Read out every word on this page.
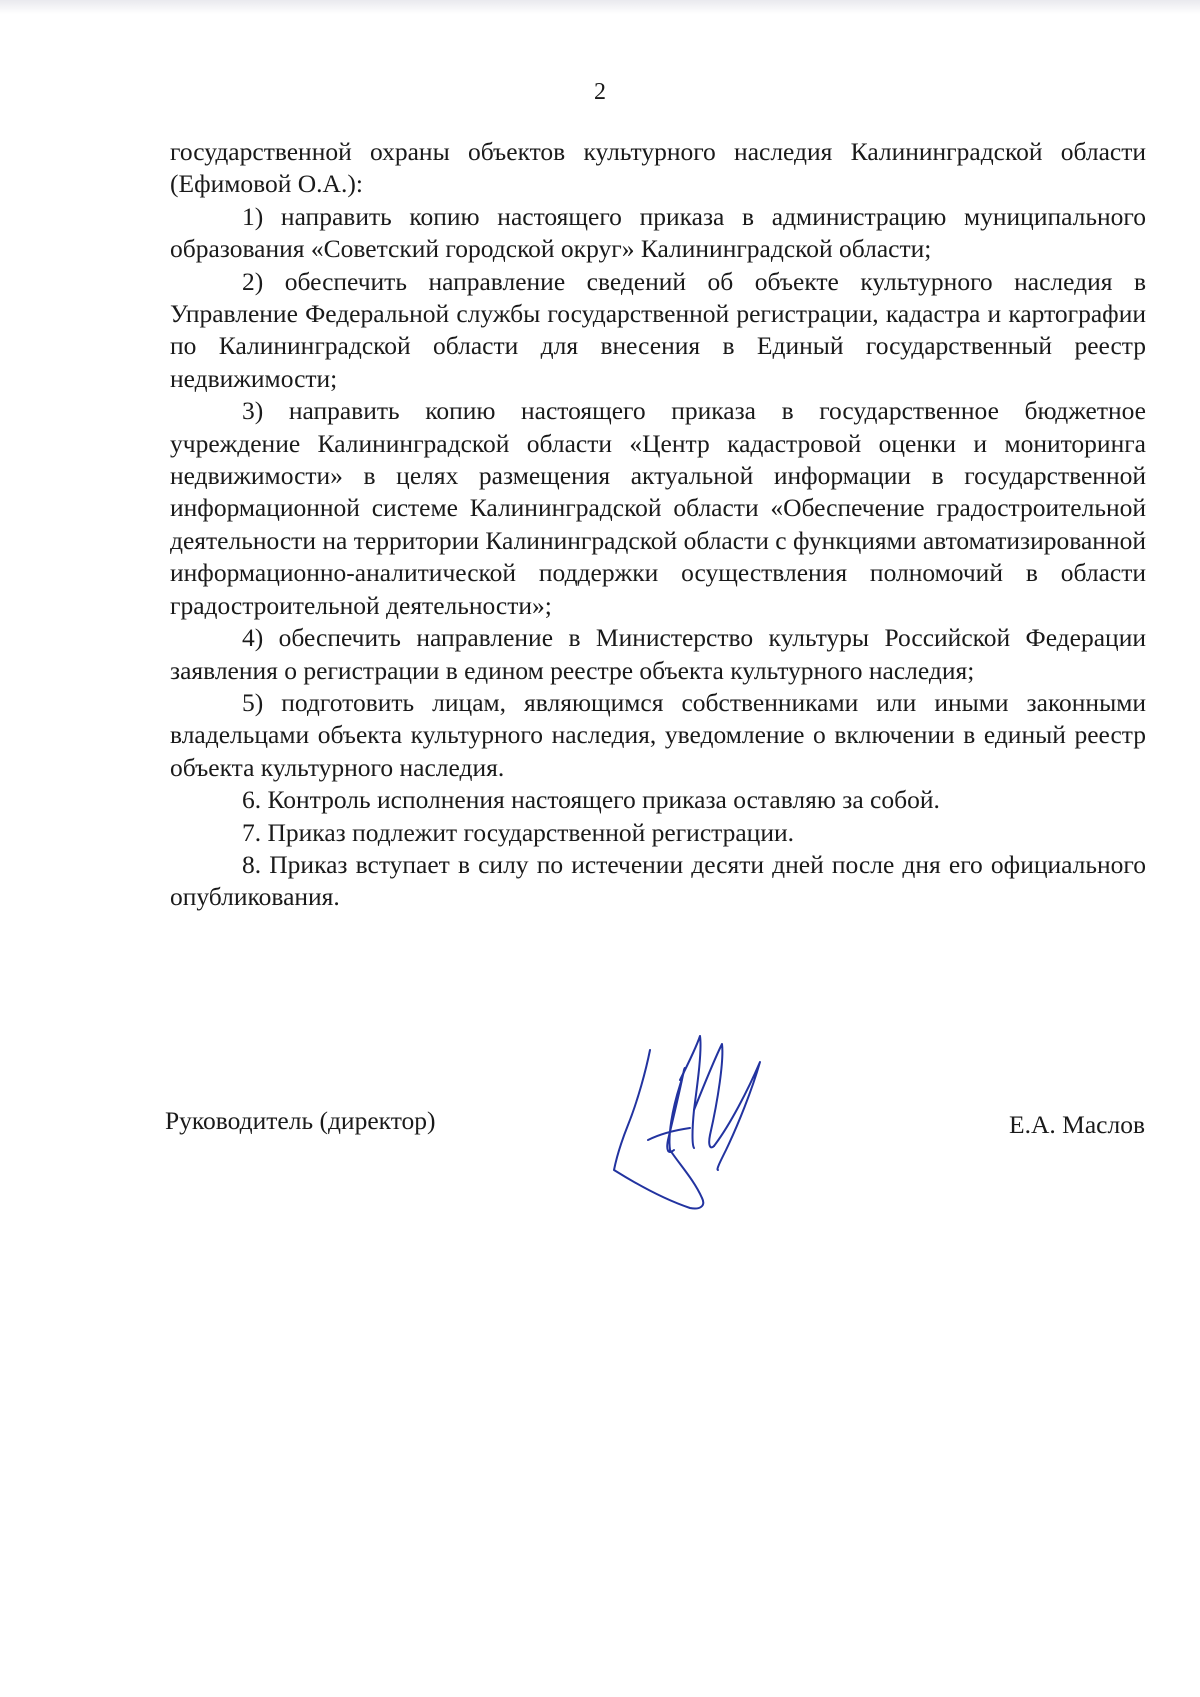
2

государственной охраны объектов культурного наследия Калининградской области (Ефимовой О.А.):

1) направить копию настоящего приказа в администрацию муниципального образования «Советский городской округ» Калининградской области;

2) обеспечить направление сведений об объекте культурного наследия в Управление Федеральной службы государственной регистрации, кадастра и картографии по Калининградской области для внесения в Единый государственный реестр недвижимости;

3) направить копию настоящего приказа в государственное бюджетное учреждение Калининградской области «Центр кадастровой оценки и мониторинга недвижимости» в целях размещения актуальной информации в государственной информационной системе Калининградской области «Обеспечение градостроительной деятельности на территории Калининградской области с функциями автоматизированной информационно-аналитической поддержки осуществления полномочий в области градостроительной деятельности»;

4) обеспечить направление в Министерство культуры Российской Федерации заявления о регистрации в едином реестре объекта культурного наследия;

5) подготовить лицам, являющимся собственниками или иными законными владельцами объекта культурного наследия, уведомление о включении в единый реестр объекта культурного наследия.

6. Контроль исполнения настоящего приказа оставляю за собой.

7. Приказ подлежит государственной регистрации.

8. Приказ вступает в силу по истечении десяти дней после дня его официального опубликования.

Руководитель (директор)	Е.А. Маслов
